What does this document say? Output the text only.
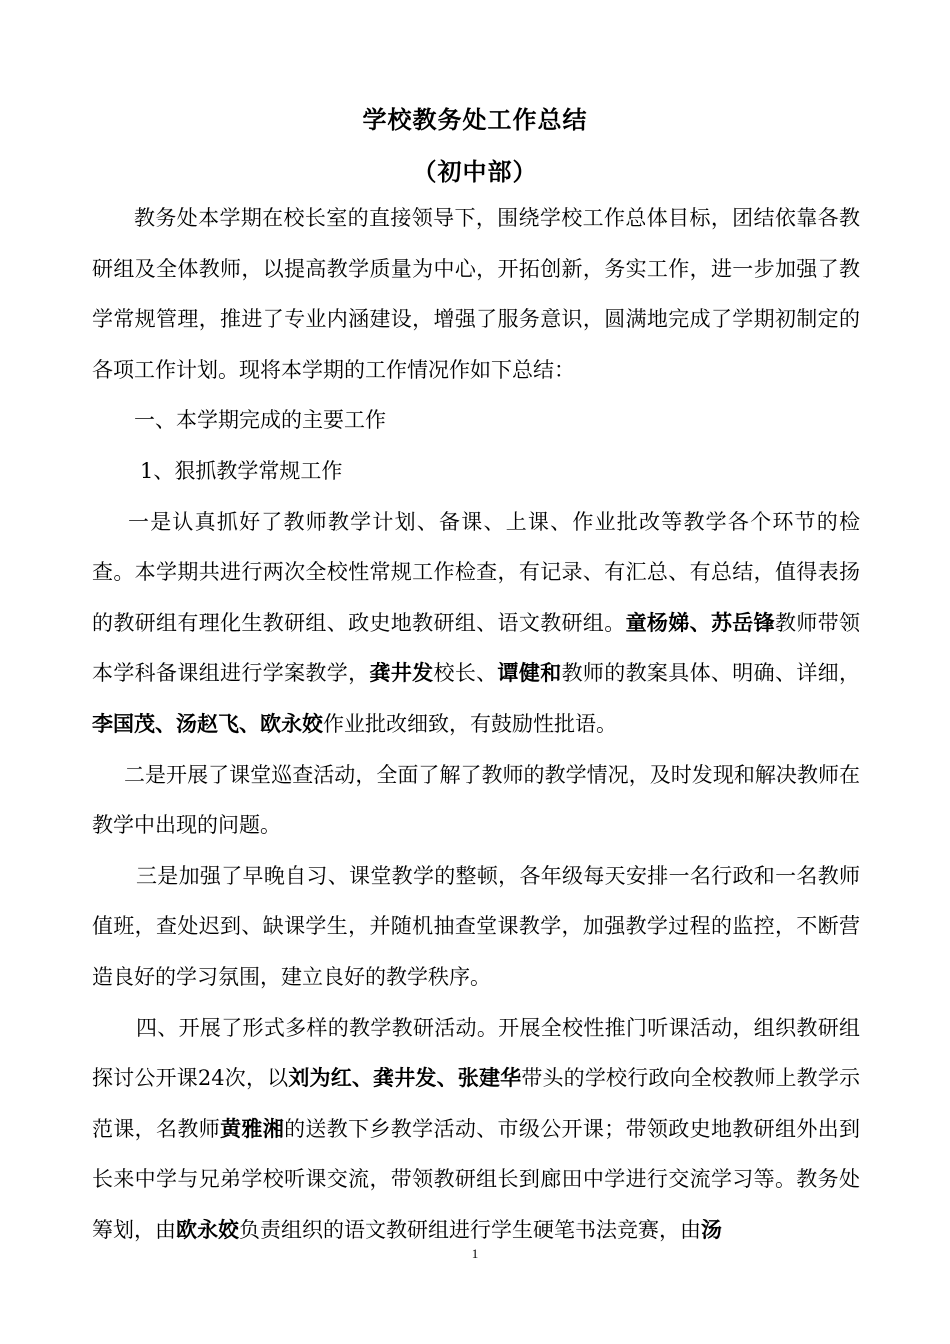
学校教务处工作总结
（初中部）

教务处本学期在校长室的直接领导下，围绕学校工作总体目标，团结依靠各教研组及全体教师，以提高教学质量为中心，开拓创新，务实工作，进一步加强了教学常规管理，推进了专业内涵建设，增强了服务意识，圆满地完成了学期初制定的各项工作计划。现将本学期的工作情况作如下总结：

一、本学期完成的主要工作

1、狠抓教学常规工作

一是认真抓好了教师教学计划、备课、上课、作业批改等教学各个环节的检查。本学期共进行两次全校性常规工作检查，有记录、有汇总、有总结，值得表扬的教研组有理化生教研组、政史地教研组、语文教研组。童杨娣、苏岳锋教师带领本学科备课组进行学案教学，龚井发校长、谭健和教师的教案具体、明确、详细，李国茂、汤赵飞、欧永姣作业批改细致，有鼓励性批语。

二是开展了课堂巡查活动，全面了解了教师的教学情况，及时发现和解决教师在教学中出现的问题。

三是加强了早晚自习、课堂教学的整顿，各年级每天安排一名行政和一名教师值班，查处迟到、缺课学生，并随机抽查堂课教学，加强教学过程的监控，不断营造良好的学习氛围，建立良好的教学秩序。

四、开展了形式多样的教学教研活动。开展全校性推门听课活动，组织教研组探讨公开课24次，以刘为红、龚井发、张建华带头的学校行政向全校教师上教学示范课，名教师黄雅湘的送教下乡教学活动、市级公开课；带领政史地教研组外出到长来中学与兄弟学校听课交流，带领教研组长到廊田中学进行交流学习等。教务处筹划，由欧永姣负责组织的语文教研组进行学生硬笔书法竞赛，由汤

1
